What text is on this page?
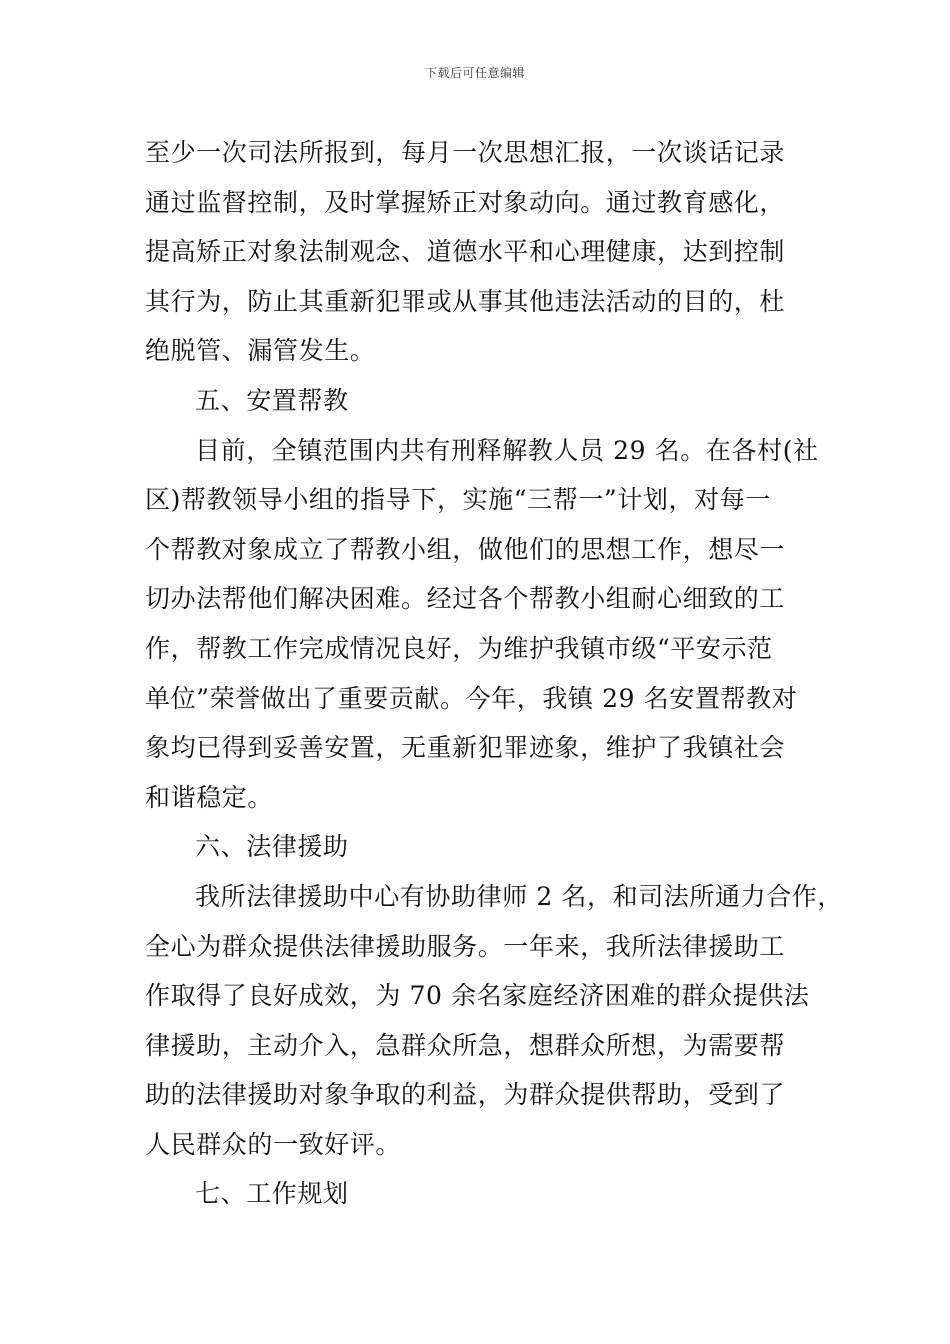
下载后可任意编辑
至少一次司法所报到，每月一次思想汇报，一次谈话记录
通过监督控制，及时掌握矫正对象动向。通过教育感化，
提高矫正对象法制观念、道德水平和心理健康，达到控制
其行为，防止其重新犯罪或从事其他违法活动的目的，杜
绝脱管、漏管发生。
五、安置帮教
目前，全镇范围内共有刑释解教人员 29 名。在各村(社
区)帮教领导小组的指导下，实施“三帮一”计划，对每一
个帮教对象成立了帮教小组，做他们的思想工作，想尽一
切办法帮他们解决困难。经过各个帮教小组耐心细致的工
作，帮教工作完成情况良好，为维护我镇市级“平安示范
单位”荣誉做出了重要贡献。今年，我镇 29 名安置帮教对
象均已得到妥善安置，无重新犯罪迹象，维护了我镇社会
和谐稳定。
六、法律援助
我所法律援助中心有协助律师 2 名，和司法所通力合作，
全心为群众提供法律援助服务。一年来，我所法律援助工
作取得了良好成效，为 70 余名家庭经济困难的群众提供法
律援助，主动介入，急群众所急，想群众所想，为需要帮
助的法律援助对象争取的利益，为群众提供帮助，受到了
人民群众的一致好评。
七、工作规划
